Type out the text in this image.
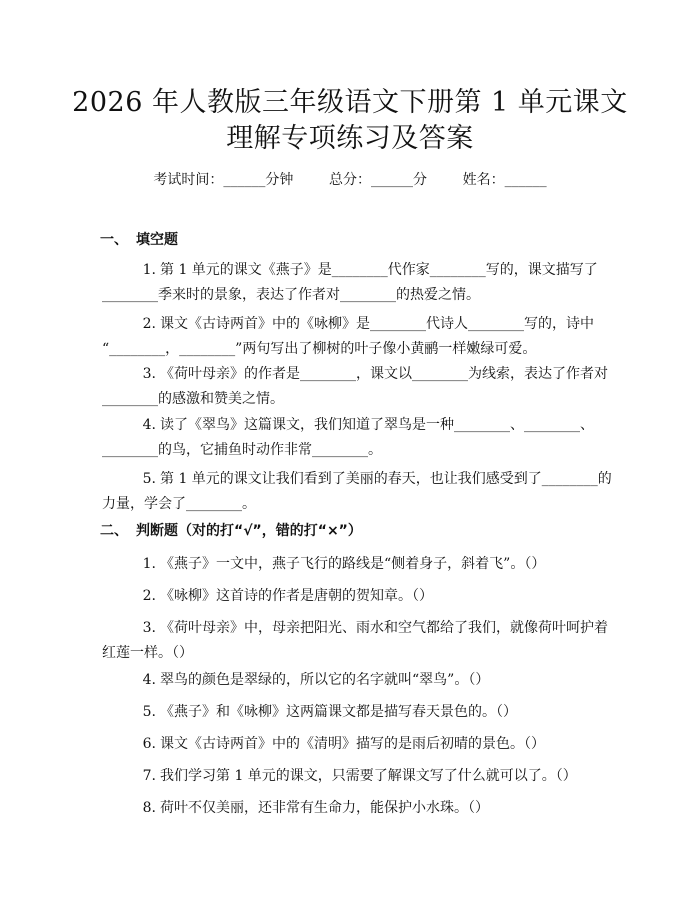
2026 年人教版三年级语文下册第 1 单元课文
理解专项练习及答案
考试时间：______分钟	总分：______分	姓名：______
一、 填空题
1. 第 1 单元的课文《燕子》是________代作家________写的，课文描写了
________季来时的景象，表达了作者对________的热爱之情。
2. 课文《古诗两首》中的《咏柳》是________代诗人________写的，诗中
“________，________”两句写出了柳树的叶子像小黄鹂一样嫩绿可爱。
3. 《荷叶母亲》的作者是________，课文以________为线索，表达了作者对
________的感激和赞美之情。
4. 读了《翠鸟》这篇课文，我们知道了翠鸟是一种________、________、
________的鸟，它捕鱼时动作非常________。
5. 第 1 单元的课文让我们看到了美丽的春天，也让我们感受到了________的
力量，学会了________。
二、 判断题（对的打“√”，错的打“×”）
1. 《燕子》一文中，燕子飞行的路线是“侧着身子，斜着飞”。（）
2. 《咏柳》这首诗的作者是唐朝的贺知章。（）
3. 《荷叶母亲》中，母亲把阳光、雨水和空气都给了我们，就像荷叶呵护着
红莲一样。（）
4. 翠鸟的颜色是翠绿的，所以它的名字就叫“翠鸟”。（）
5. 《燕子》和《咏柳》这两篇课文都是描写春天景色的。（）
6. 课文《古诗两首》中的《清明》描写的是雨后初晴的景色。（）
7. 我们学习第 1 单元的课文，只需要了解课文写了什么就可以了。（）
8. 荷叶不仅美丽，还非常有生命力，能保护小水珠。（）
